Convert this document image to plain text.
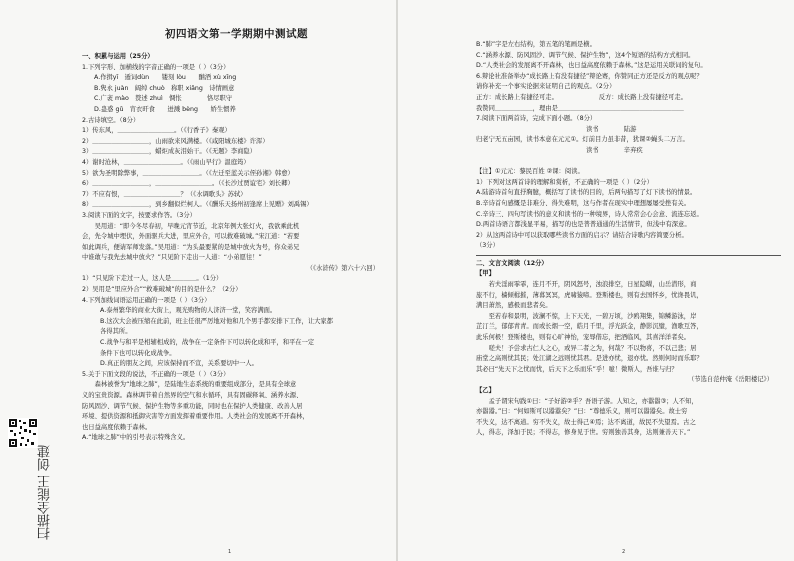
扫描全能王 创建
初四语文第一学期期中测试题
一、积累与运用（25分）
1.下列字形、加横线的字音正确的一项是（ ）（3分）
A.作揖yī　遁词dùn　　镂刻 lòu　　酗酒 xù xīng
B.隽永 juàn　阔绰 chuò　称职 xiǎng　诗情画意
C.广袤 mào　赘述 zhuì　惆怅　　　　恪尽职守
D.蛊惑 gǔ　宵衣旰食　　迸溅 bèng　　娇生惯养
2.古诗填空。（8分）
1）传东风，＿＿＿＿＿＿＿＿＿。（《行香子》秦观）
2）＿＿＿＿＿＿＿＿＿，山雨欲来风满楼。（《咸阳城东楼》许浑）
3）＿＿＿＿＿＿＿＿＿，蜡炬成灰泪始干。（《无题》李商隐）
4）谢时沧林，＿＿＿＿＿＿＿＿＿。（《雨山早行》温庭筠）
5）欲为圣明除弊事，＿＿＿＿＿＿＿＿＿。（《左迁至蓝关示侄孙湘》韩愈）
6）＿＿＿＿＿＿＿＿＿，＿＿＿＿＿＿＿＿＿。（《长沙过贾谊宅》刘长卿）
7）不应有恨，＿＿＿＿＿＿＿＿＿？（《水调歌头》苏轼）
8）＿＿＿＿＿＿＿＿＿，到乡翻似烂柯人。（《酬乐天扬州初逢席上见赠》刘禹锡）
3.阅读下面的文字，按要求作答。（3分）
　　吴用道：“即今冬尽春初，早晚元宵节近，北京年例大张灯火，我欲乘此机
会，先令城中埋伏，外面驱兵大进，里应外合，可以救难破城。”宋江道：“若要
如此调兵，便请军师发落。”吴用道：“为头最要紧的是城中放火为号，你众弟兄
中谁敢与我先去城中放火？”只见阶下走出一人道：“小弟愿往！”
（《水浒传》第六十六回）
1）“只见阶下走过一人，这人是＿＿＿＿。（1分）
2）吴用是“里应外合”“救难破城”的目的是什么？（2分）
4.下列加线词语运用正确的一项是（ ）（3分）
A.泰州繁华的商业大街上，观光购物的人济济一堂，笑容满面。
B.这次大会被压缩在此前，班主任很严厉地对他和几个男手都安排下工作，让大家都
各得其所。
C.战争与和平是相辅相成的，战争在一定条件下可以转化成和平，和平在一定
条件下也可以转化成战争。
D.真正的朋友之间，应该保持而不宣，关系要切中一人。
5.关于下面文段的说法，不正确的一项是（ ）（3分）
　　森林被誉为“地球之肺”，是陆地生态系统的重要组成部分，是具有全球意
义的宝贵资源。森林调节着自然界的空气和水循环，具有固碳释氧、涵养水源、
防风固沙、调节气候、保护生物等多重功能，同时也在保护人类健康、改善人居
环境、提供资源和抵御灾害等方面发挥着重要作用。人类社会的发展离不开森林，
也日益高度依赖于森林。
A.“地球之肺”中的引号表示特殊含义。
B.“肺”字是左右结构，第五笔的笔画是横。
C.“涵养水源、防风固沙、调节气候、保护生物”，这4个短语的结构方式相同。
D.“人类社会的发展离不开森林，也日益高度依赖于森林。”这是运用关联词的复句。
6.辩论社准备举办“成长路上有没有捷径”辩论赛，你赞同正方还是反方的观点呢？
请你补充一个事实论据来证明自己的观点。（2分）
正方：成长路上有捷径可走。　　　　　　　反方：成长路上没有捷径可走。
我赞同＿＿＿＿＿＿，理由是＿＿＿＿＿＿＿＿＿＿＿＿＿＿＿＿＿＿＿＿
7.阅读下面两首诗，完成下面小题。（8分）
读书　　　　陆游
归老宁无五亩园，读书本意在元元①。灯前目力虽非昔，犹课②蝇头二万言。
读书　　　　辛弃疾

【注】①元元：黎民百姓 ②课：阅读。
1）下列对这两首诗的理解和赏析，不正确的一项是（ ）（2分）
A.陆游诗首句直抒胸臆，概括写了读书的目的，后两句描写了灯下读书的情景。
B.辛诗首句感慨是非难分、得失难明，这与作者在现实中理想屡屡受挫有关。
C.辛诗三、四句写读书的意义和读书的一种境界，诗人常常会心会意、流连忘返。
D.两首诗语言都浅显平易，描写的也是普普通通的生活情节，但浅中有深意。
2）从这两首诗中可以获取哪些读书方面的启示？请结合诗歌内容简要分析。
（3分）
二、文言文阅读（12分）
【甲】
　　若夫淫雨霏霏，连月不开，阴风怒号，浊浪排空，日星隐曜，山岳潜形，商
旅不行，樯倾楫摧，薄暮冥冥，虎啸猿啼。登斯楼也，则有去国怀乡，忧谗畏讥，
满目萧然，感极而悲者矣。
　　至若春和景明，波澜不惊，上下天光，一碧万顷，沙鸥翔集，锦鳞游泳，岸
芷汀兰，郁郁青青。而或长烟一空，皓月千里，浮光跃金，静影沉璧，渔歌互答，
此乐何极！登斯楼也，则有心旷神怡，宠辱偕忘，把酒临风，其喜洋洋者矣。
　　嗟夫！予尝求古仁人之心，或异二者之为，何哉？不以物喜，不以己悲；居
庙堂之高则忧其民；处江湖之远则忧其君。是进亦忧，退亦忧。然则何时而乐耶？
其必曰“先天下之忧而忧，后天下之乐而乐”乎！噫！微斯人，吾谁与归？
（节选自范仲淹《岳阳楼记》）
【乙】
　　孟子谓宋句践①曰：“子好游②乎？吾语子游。人知之，亦嚣嚣③；人不知，
亦嚣嚣。”曰：“何如斯可以嚣嚣矣？”曰：“尊德乐义，则可以嚣嚣矣。故士穷
不失义，达不离道。穷不失义，故士得己④焉；达不离道，故民不失望焉。古之
人，得志，泽加于民；不得志，修身见于世。穷则独善其身，达则兼善天下。”
1	2
